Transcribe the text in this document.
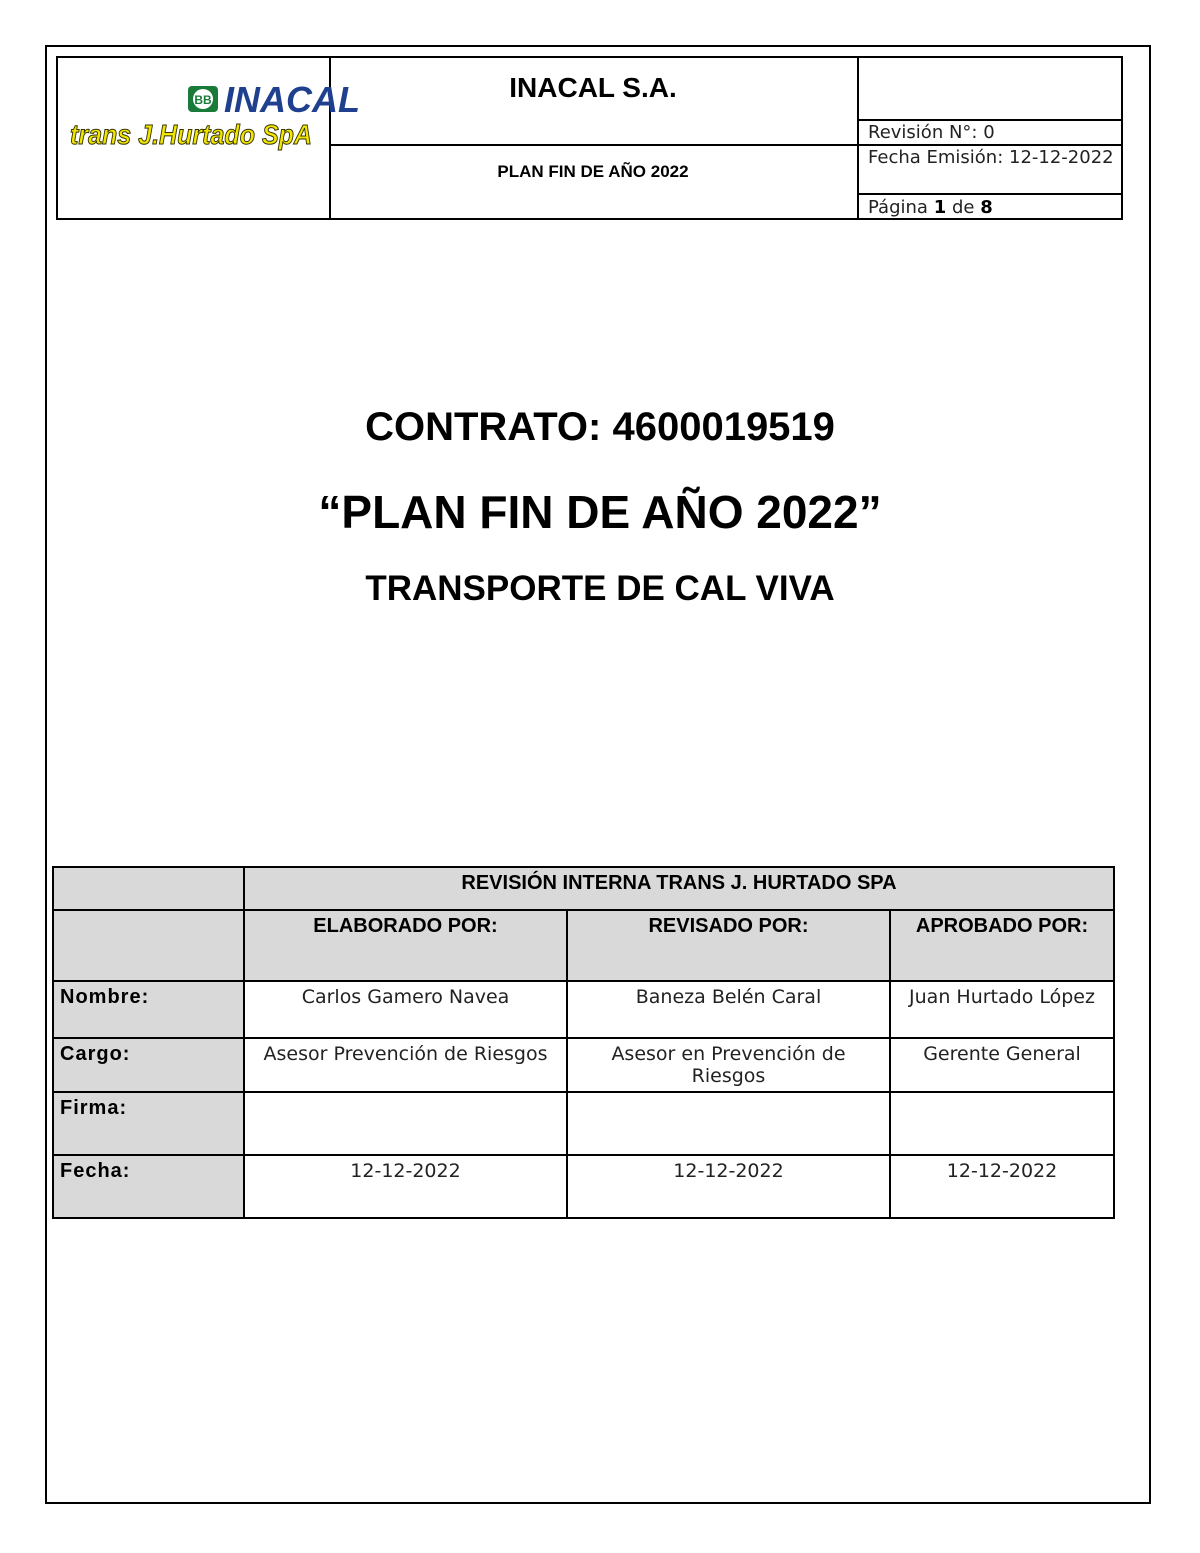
BB INACAL
trans J.Hurtado SpA
INACAL S.A.
PLAN FIN DE AÑO 2022
Revisión N°: 0
Fecha Emisión: 12-12-2022
Página 1 de 8
CONTRATO: 4600019519
“PLAN FIN DE AÑO 2022”
TRANSPORTE DE CAL VIVA
	REVISIÓN INTERNA TRANS J. HURTADO SPA		
	ELABORADO POR:	REVISADO POR:	APROBADO POR:
Nombre:	Carlos Gamero Navea	Baneza Belén Caral	Juan Hurtado López
Cargo:	Asesor Prevención de Riesgos	Asesor en Prevención de Riesgos	Gerente General
Firma:			
Fecha:	12-12-2022	12-12-2022	12-12-2022
